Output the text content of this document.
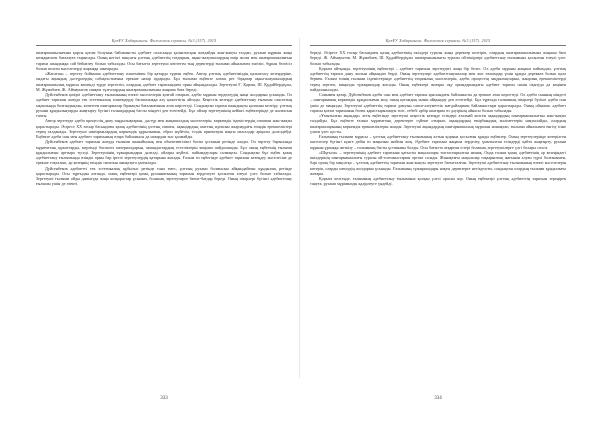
ҚазҰУ Хабаршысы. Филология сериясы. №3 (157). 2015

шығармашылығына қарсы қоғам болуына байланысты әдебиет саласында қалыптасқан жағдайды жан-жақты талдап, рухани мұраны жаңа көзқараспен бағалауға тырысады. Оның негізгі мақсаты ұлттық әдебиеттің тағдырын, ақын-жазушылардың өмір жолы мен шығармашылығын тарихи шындыққа сай бейнелеу болып табылады. Осы бағытта зерттеуші көптеген тың деректерді ғылыми айналымға енгізіп, бұрын белгісіз болып келген мәселелерді жарыққа шығарады.

«Жасаған» – зерттеу бойынша әдебиеттану өлшемімен бір қатарда тұрған еңбек. Автор ұлттық әдебиетіміздің қалыптасу кезеңдеріне, ондағы ақындық дәстүрлердің сабақтастығына ерекше назар аударады. Бұл ғылыми еңбекте алғаш рет бірқатар ақын-жазушылардың шығармашылық мұрасы кешенді түрде зерттеліп, олардың әдебиет тарихындағы орны айқындалады. Зерттеуші Ғ. Қараш, Ш. Құдайбердіұлы, М. Жұмабаев, Ж. Аймауытов сияқты тұлғалардың шығармашылығына жаңаша баға береді.

Дүйсенбеков қазіргі әдебиеттану ғылымының өзекті мәселелерін қозғай отырып, әдеби мұраны зерделеудің жаңа жолдарын ұсынады. Ол әдебиет тарихын жазуда тек эстетикалық өлшемдерді басшылыққа алу қажеттігін айтады. Кеңестік кезеңде әдебиеттану ғылымы саясаттың ықпалында болғандықтан, көптеген шығармалар біржақты бағаланғанын атап көрсетеді. Сондықтан тарихи шындықты қалпына келтіру, ұлттық рухани құндылықтарды жаңғырту бүгінгі ғалымдардың басты міндеті деп есептейді. Бұл ойлар зерттеушінің кейінгі еңбектерінде де жалғасын тапты.

Автор зерттеуде әдеби процестің даму заңдылықтарын, дәстүр мен жаңашылдық мәселелерін, көркемдік ізденістердің сипатын жан-жақты қарастырады. Әсіресе ХХ ғасыр басындағы қазақ әдебиетінің ұлттық сипаты, ақындардың азаттық идеясын жырлаудағы өзіндік ерекшеліктері терең талданады. Зерттеуші шығармалардың көркемдік құрылымын, образ жүйесін, тілдік өрнектерін нақты мысалдар арқылы дәлелдейді. Еңбекте әдеби сын мен әдебиет тарихының өзара байланысы да назардан тыс қалмайды.

Дүйсенбеков әдебиет тарихын жазуда ғылыми шынайылық пен объективтілікті басты ұстаным ретінде алады. Ол зерттеу барысында мұрағаттық құжаттарды, мерзімді баспасөз материалдарын, замандастардың естеліктерін кеңінен пайдаланады. Бұл оның еңбегінің ғылыми құндылығын арттыра түседі. Зерттеушінің тұжырымдары дәлелді, ойлары жүйелі, пайымдаулары салмақты. Сондықтан бұл еңбек қазақ әдебиеттану ғылымында өзіндік орны бар іргелі зерттеулердің қатарына жатады. Ғалым өз еңбегінде әдебиет тарихын кезеңдеу мәселесіне де ерекше тоқталып, әр кезеңнің өзіндік сипатын анықтауға ұмтылады.

Дүйсенбеков әдебиетті тек эстетикалық құбылыс ретінде ғана емес, ұлттың рухани болмысын айқындайтын құндылық ретінде қарастырады. Осы тұрғыдан алғанда, оның еңбектері қазақ руханиятының тарихын зерделеуге қосылған елеулі үлес болып табылады. Зерттеуші ғылыми ойды дамытуда жаңа көзқарастар ұсынып, болашақ зерттеулерге бағыт-бағдар береді. Оның пікірлері бүгінгі әдебиеттану ғылымы үшін де өзекті.

ҚазҰУ Хабаршысы. Филология сериясы. №3 (157). 2015

береді. Әсіресе ХХ ғасыр басындағы қазақ әдебиетінің өкілдері туралы жаңа деректер келтіріп, олардың шығармашылығына жаңаша баға береді. Ж. Аймауытов, М. Жұмабаев, Ш. Құдайбердіұлы шығармашылығы туралы ой-пікірлері әдебиеттану ғылымына қосылған елеулі үлес болып табылады.

Қорыта айтқанда, зерттеушінің еңбектері – әдебиет тарихын зерттеудегі жаңа бір белес. Ол әдеби мұраны жаңаша пайымдап, ұлттық әдебиеттің тарихи даму жолын айқындап берді. Оның зерттеулері әдебиеттанушылар мен жас ғалымдар үшін құнды дереккөз болып қала бермек. Ғалым өзінің ғылыми ізденістерінде әдебиеттің теориялық мәселелерін, әдеби процестің заңдылықтарын, жанрлық ерекшеліктерді терең зерттеп, маңызды тұжырымдар жасады. Оның еңбектері жоғары оқу орындарындағы әдебиет тарихы пәнін оқытуда да кеңінен пайдаланылады.

Сонымен қатар, Дүйсенбеков әдеби сын мен әдебиет тарихы арасындағы байланысты да ерекше атап көрсетеді. Ол әдеби сынның міндеті – шығарманың көркемдік құндылығын ашу, оның қоғамдық мәнін айқындау деп есептейді. Бұл тұрғыда ғалымның пікірлері бүгінгі әдеби сын үшін де маңызды. Зерттеуші әдебиеттің тарихи дамуын саяси-әлеуметтік жағдайлармен байланыстыра қарастырады. Оның ойынша, әдебиет тарихы қоғам тарихынан бөлек қарастырылмауы тиіс, себебі әрбір шығарма өз дәуірінің айнасы болып табылады.

«Ұмытылған ақындар» атты еңбегінде зерттеуші кеңестік кезеңде есімдері аталмай келген ақындардың шығармашылығын жан-жақты талдайды. Бұл еңбекте ғалым мұрағаттық деректерге сүйене отырып, ақындардың өмірбаяндық мәліметтерін нақтылайды, олардың шығармаларының көркемдік ерекшеліктерін ашады. Зерттеуші ақындардың шығармашылық мұрасын жинақтап, ғылыми айналымға енгізу ісіне үлкен үлес қосты.

Ғалымның ғылыми мұрасы – ұлттық әдебиеттану ғылымының алтын қорына қосылған құнды еңбектер. Оның зерттеулерінде көтерілген мәселелер бүгінгі күнге дейін өз маңызын жойған жоқ. Әдебиет тарихын жаңаша зерделеу, ұмытылған есімдерді қайта жаңғырту, рухани мұраны ұрпаққа жеткізу – ғалымның басты ұстанымы болды. Осы бағытта атқарған істері болашақ зерттеушілерге үлгі болары сөзсіз.

«Шұғыла» – зерттеушінің әдебиет тарихына қатысты мақалалары топтастырылған жинақ. Онда ғалым қазақ әдебиетінің әр кезеңіндегі өкілдерінің шығармашылығы туралы ой-толғаныстарын ортаға салады. Жинақтағы мақалалар тақырыптық жағынан алуан түрлі болғанымен, бәрі ортақ бір мақсатқа – ұлттық әдебиеттің тарихын жан-жақты зерттеуге бағытталған. Зерттеуші әдебиеттану ғылымының өзекті мәселелерін көтеріп, оларды шешудің жолдарын ұсынады. Ғалымның тұжырымдары нақты деректерге негізделген, сондықтан олардың ғылыми құндылығы жоғары.

Қорыта келгенде, ғалымның әдебиеттану ғылымына қосқан үлесі орасан зор. Оның еңбектері ұлттық әдебиеттің тарихын тереңірек тануға, рухани мұрамызды қадірлеуге үндейді.

333	334
